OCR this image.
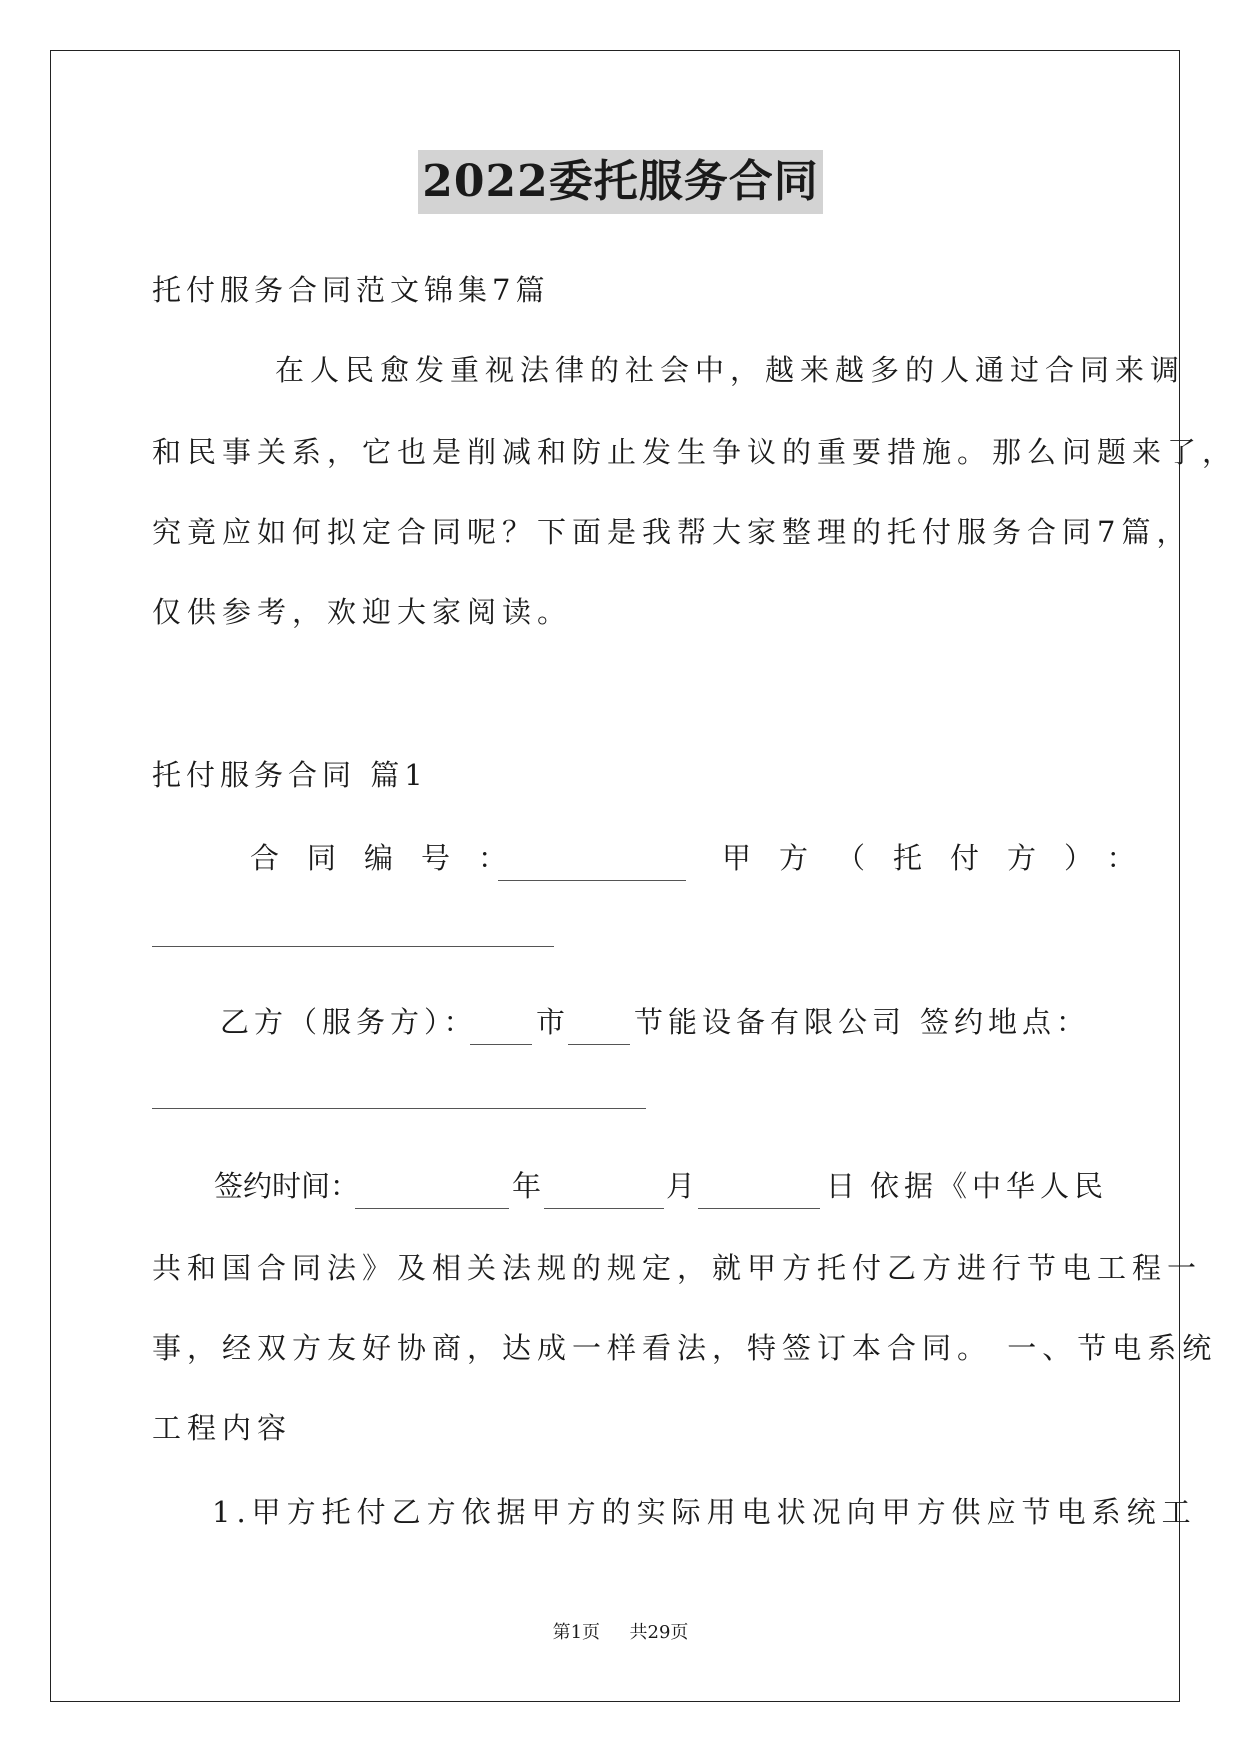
2022委托服务合同
托付服务合同范文锦集7篇
在人民愈发重视法律的社会中，越来越多的人通过合同来调
和民事关系，它也是削减和防止发生争议的重要措施。那么问题来了，
究竟应如何拟定合同呢？下面是我帮大家整理的托付服务合同7篇，
仅供参考，欢迎大家阅读。
托付服务合同 篇1
合同编号：	甲方（托付方）：
乙方（服务方）： 市 节能设备有限公司 签约地点：
签约时间：	年	月	日 依据《中华人民
共和国合同法》及相关法规的规定，就甲方托付乙方进行节电工程一
事，经双方友好协商，达成一样看法，特签订本合同。 一、节电系统
工程内容
1.甲方托付乙方依据甲方的实际用电状况向甲方供应节电系统工
第1页 共29页
